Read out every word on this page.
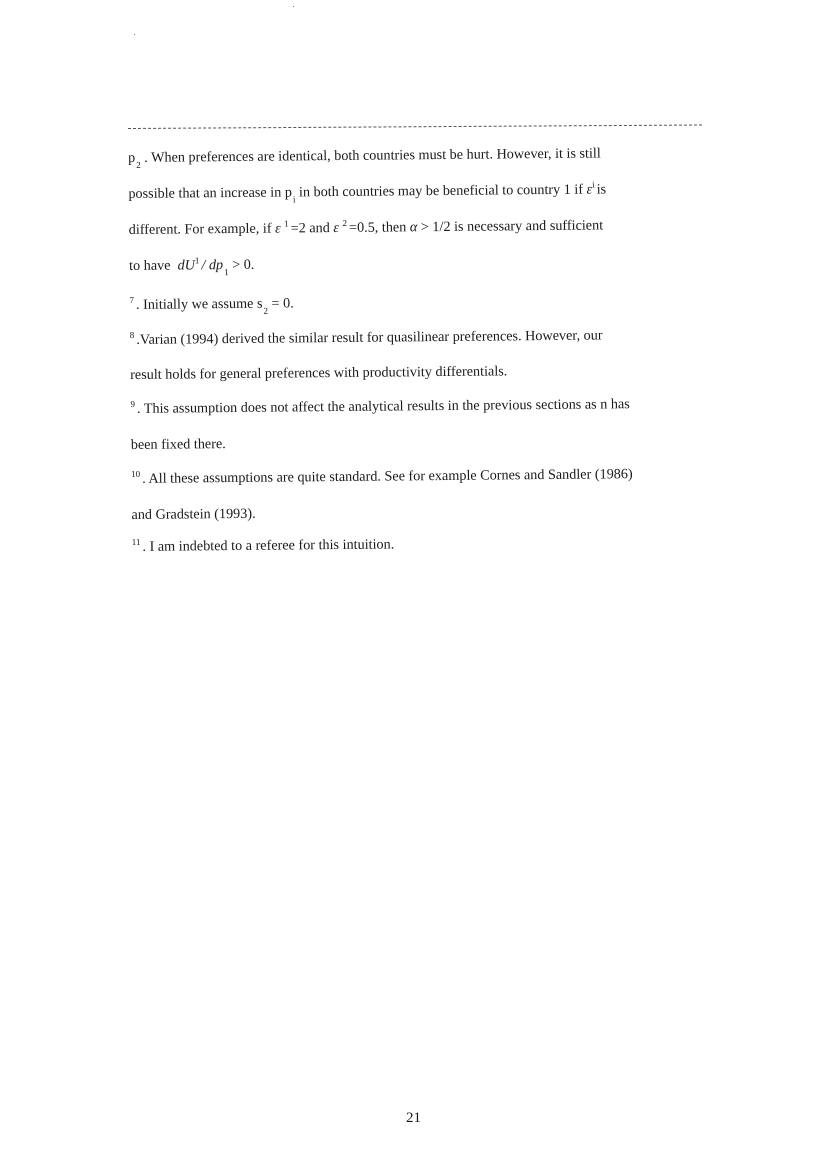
$p_2$ . When preferences are identical, both countries must be hurt. However, it is still
possible that an increase in $p_i$ in both countries may be beneficial to country 1 if $\varepsilon^i$ is
different. For example, if ε $^1$ =2 and ε $^2$ =0.5, then α > 1/2 is necessary and sufficient
to have $dU^1 / dp_1 > 0$.
$^7$ . Initially we assume $s_2 = 0$.
$^8$ .Varian (1994) derived the similar result for quasilinear preferences. However, our
result holds for general preferences with productivity differentials.
$^9$ . This assumption does not affect the analytical results in the previous sections as n has
been fixed there.
$^{10}$ . All these assumptions are quite standard. See for example Cornes and Sandler (1986)
and Gradstein (1993).
$^{11}$ . I am indebted to a referee for this intuition.
21
